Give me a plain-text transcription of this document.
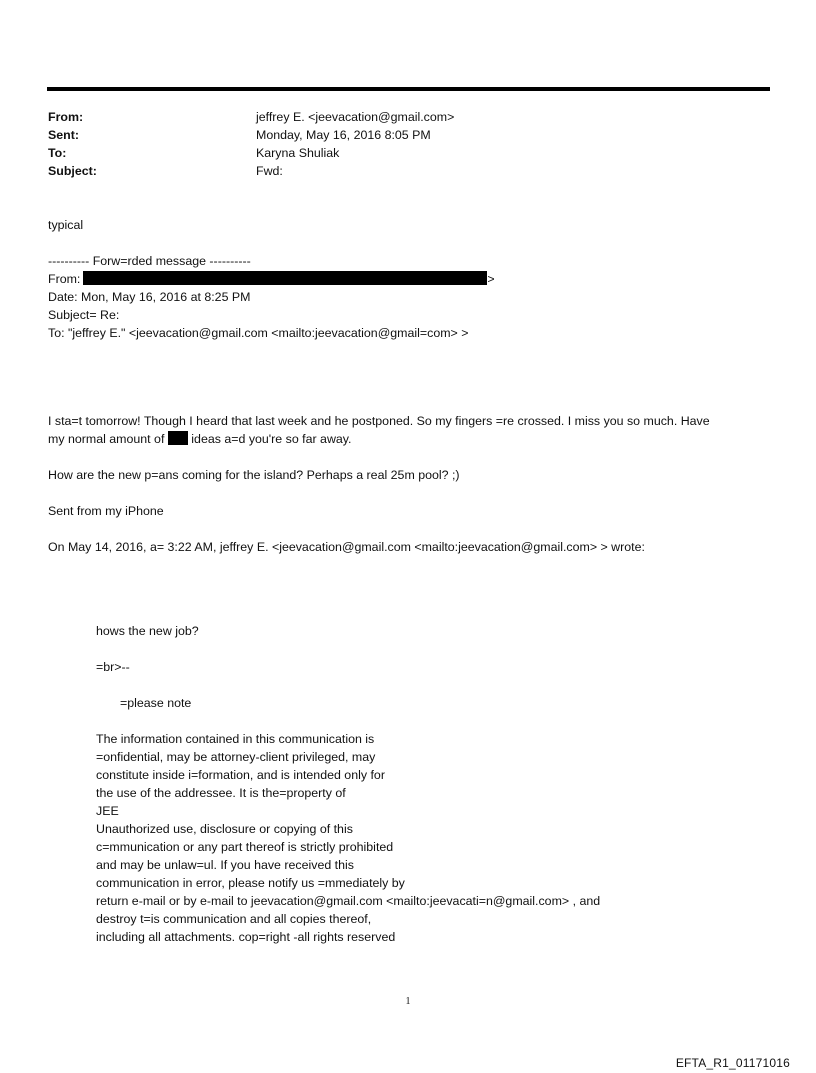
From:	jeffrey E. <jeevacation@gmail.com>
Sent:	Monday, May 16, 2016 8:05 PM
To:	Karyna Shuliak
Subject:	Fwd:
typical
---------- Forw=rded message ----------
From:	>
Date: Mon, May 16, 2016 at 8:25 PM
Subject= Re:
To: "jeffrey E." <jeevacation@gmail.com <mailto:jeevacation@gmail=com> >
I sta=t tomorrow! Though I heard that last week and he postponed. So my fingers =re crossed. I miss you so much. Have
my normal amount of ideas a=d you're so far away.
How are the new p=ans coming for the island? Perhaps a real 25m pool? ;)
Sent from my iPhone
On May 14, 2016, a= 3:22 AM, jeffrey E. <jeevacation@gmail.com <mailto:jeevacation@gmail.com> > wrote:
hows the new job?
=br>--
=please note
The information contained in this communication is
=onfidential, may be attorney-client privileged, may
constitute inside i=formation, and is intended only for
the use of the addressee. It is the=property of
JEE
Unauthorized use, disclosure or copying of this
c=mmunication or any part thereof is strictly prohibited
and may be unlaw=ul. If you have received this
communication in error, please notify us =mmediately by
return e-mail or by e-mail to jeevacation@gmail.com <mailto:jeevacati=n@gmail.com> , and
destroy t=is communication and all copies thereof,
including all attachments. cop=right -all rights reserved
1
EFTA_R1_01171016
